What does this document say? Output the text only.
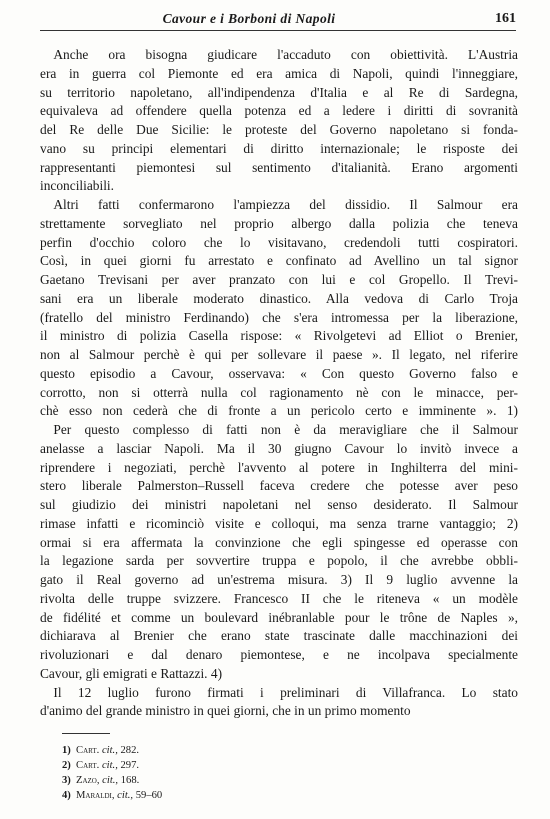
Cavour e i Borboni di Napoli	161
 Anche ora bisogna giudicare l'accaduto con obiettività. L'Austria
era in guerra col Piemonte ed era amica di Napoli, quindi l'inneggiare,
su territorio napoletano, all'indipendenza d'Italia e al Re di Sardegna,
equivaleva ad offendere quella potenza ed a ledere i diritti di sovranità
del Re delle Due Sicilie: le proteste del Governo napoletano si fonda-
vano su principi elementari di diritto internazionale; le risposte dei
rappresentanti piemontesi sul sentimento d'italianità. Erano argomenti
inconciliabili.
 Altri fatti confermarono l'ampiezza del dissidio. Il Salmour era
strettamente sorvegliato nel proprio albergo dalla polizia che teneva
perfin d'occhio coloro che lo visitavano, credendoli tutti cospiratori.
Così, in quei giorni fu arrestato e confinato ad Avellino un tal signor
Gaetano Trevisani per aver pranzato con lui e col Gropello. Il Trevi-
sani era un liberale moderato dinastico. Alla vedova di Carlo Troja
(fratello del ministro Ferdinando) che s'era intromessa per la liberazione,
il ministro di polizia Casella rispose: « Rivolgetevi ad Elliot o Brenier,
non al Salmour perchè è qui per sollevare il paese ». Il legato, nel riferire
questo episodio a Cavour, osservava: « Con questo Governo falso e
corrotto, non si otterrà nulla col ragionamento nè con le minacce, per-
chè esso non cederà che di fronte a un pericolo certo e imminente ». 1)
 Per questo complesso di fatti non è da meravigliare che il Salmour
anelasse a lasciar Napoli. Ma il 30 giugno Cavour lo invitò invece a
riprendere i negoziati, perchè l'avvento al potere in Inghilterra del mini-
stero liberale Palmerston–Russell faceva credere che potesse aver peso
sul giudizio dei ministri napoletani nel senso desiderato. Il Salmour
rimase infatti e ricominciò visite e colloqui, ma senza trarne vantaggio; 2)
ormai si era affermata la convinzione che egli spingesse ed operasse con
la legazione sarda per sovvertire truppa e popolo, il che avrebbe obbli-
gato il Real governo ad un'estrema misura. 3) Il 9 luglio avvenne la
rivolta delle truppe svizzere. Francesco II che le riteneva « un modèle
de fidélité et comme un boulevard inébranlable pour le trône de Naples »,
dichiarava al Brenier che erano state trascinate dalle macchinazioni dei
rivoluzionari e dal denaro piemontese, e ne incolpava specialmente
Cavour, gli emigrati e Rattazzi. 4)
 Il 12 luglio furono firmati i preliminari di Villafranca. Lo stato
d'animo del grande ministro in quei giorni, che in un primo momento
1) Cart. cit., 282.
2) Cart. cit., 297.
3) Zazo, cit., 168.
4) Maraldi, cit., 59–60
